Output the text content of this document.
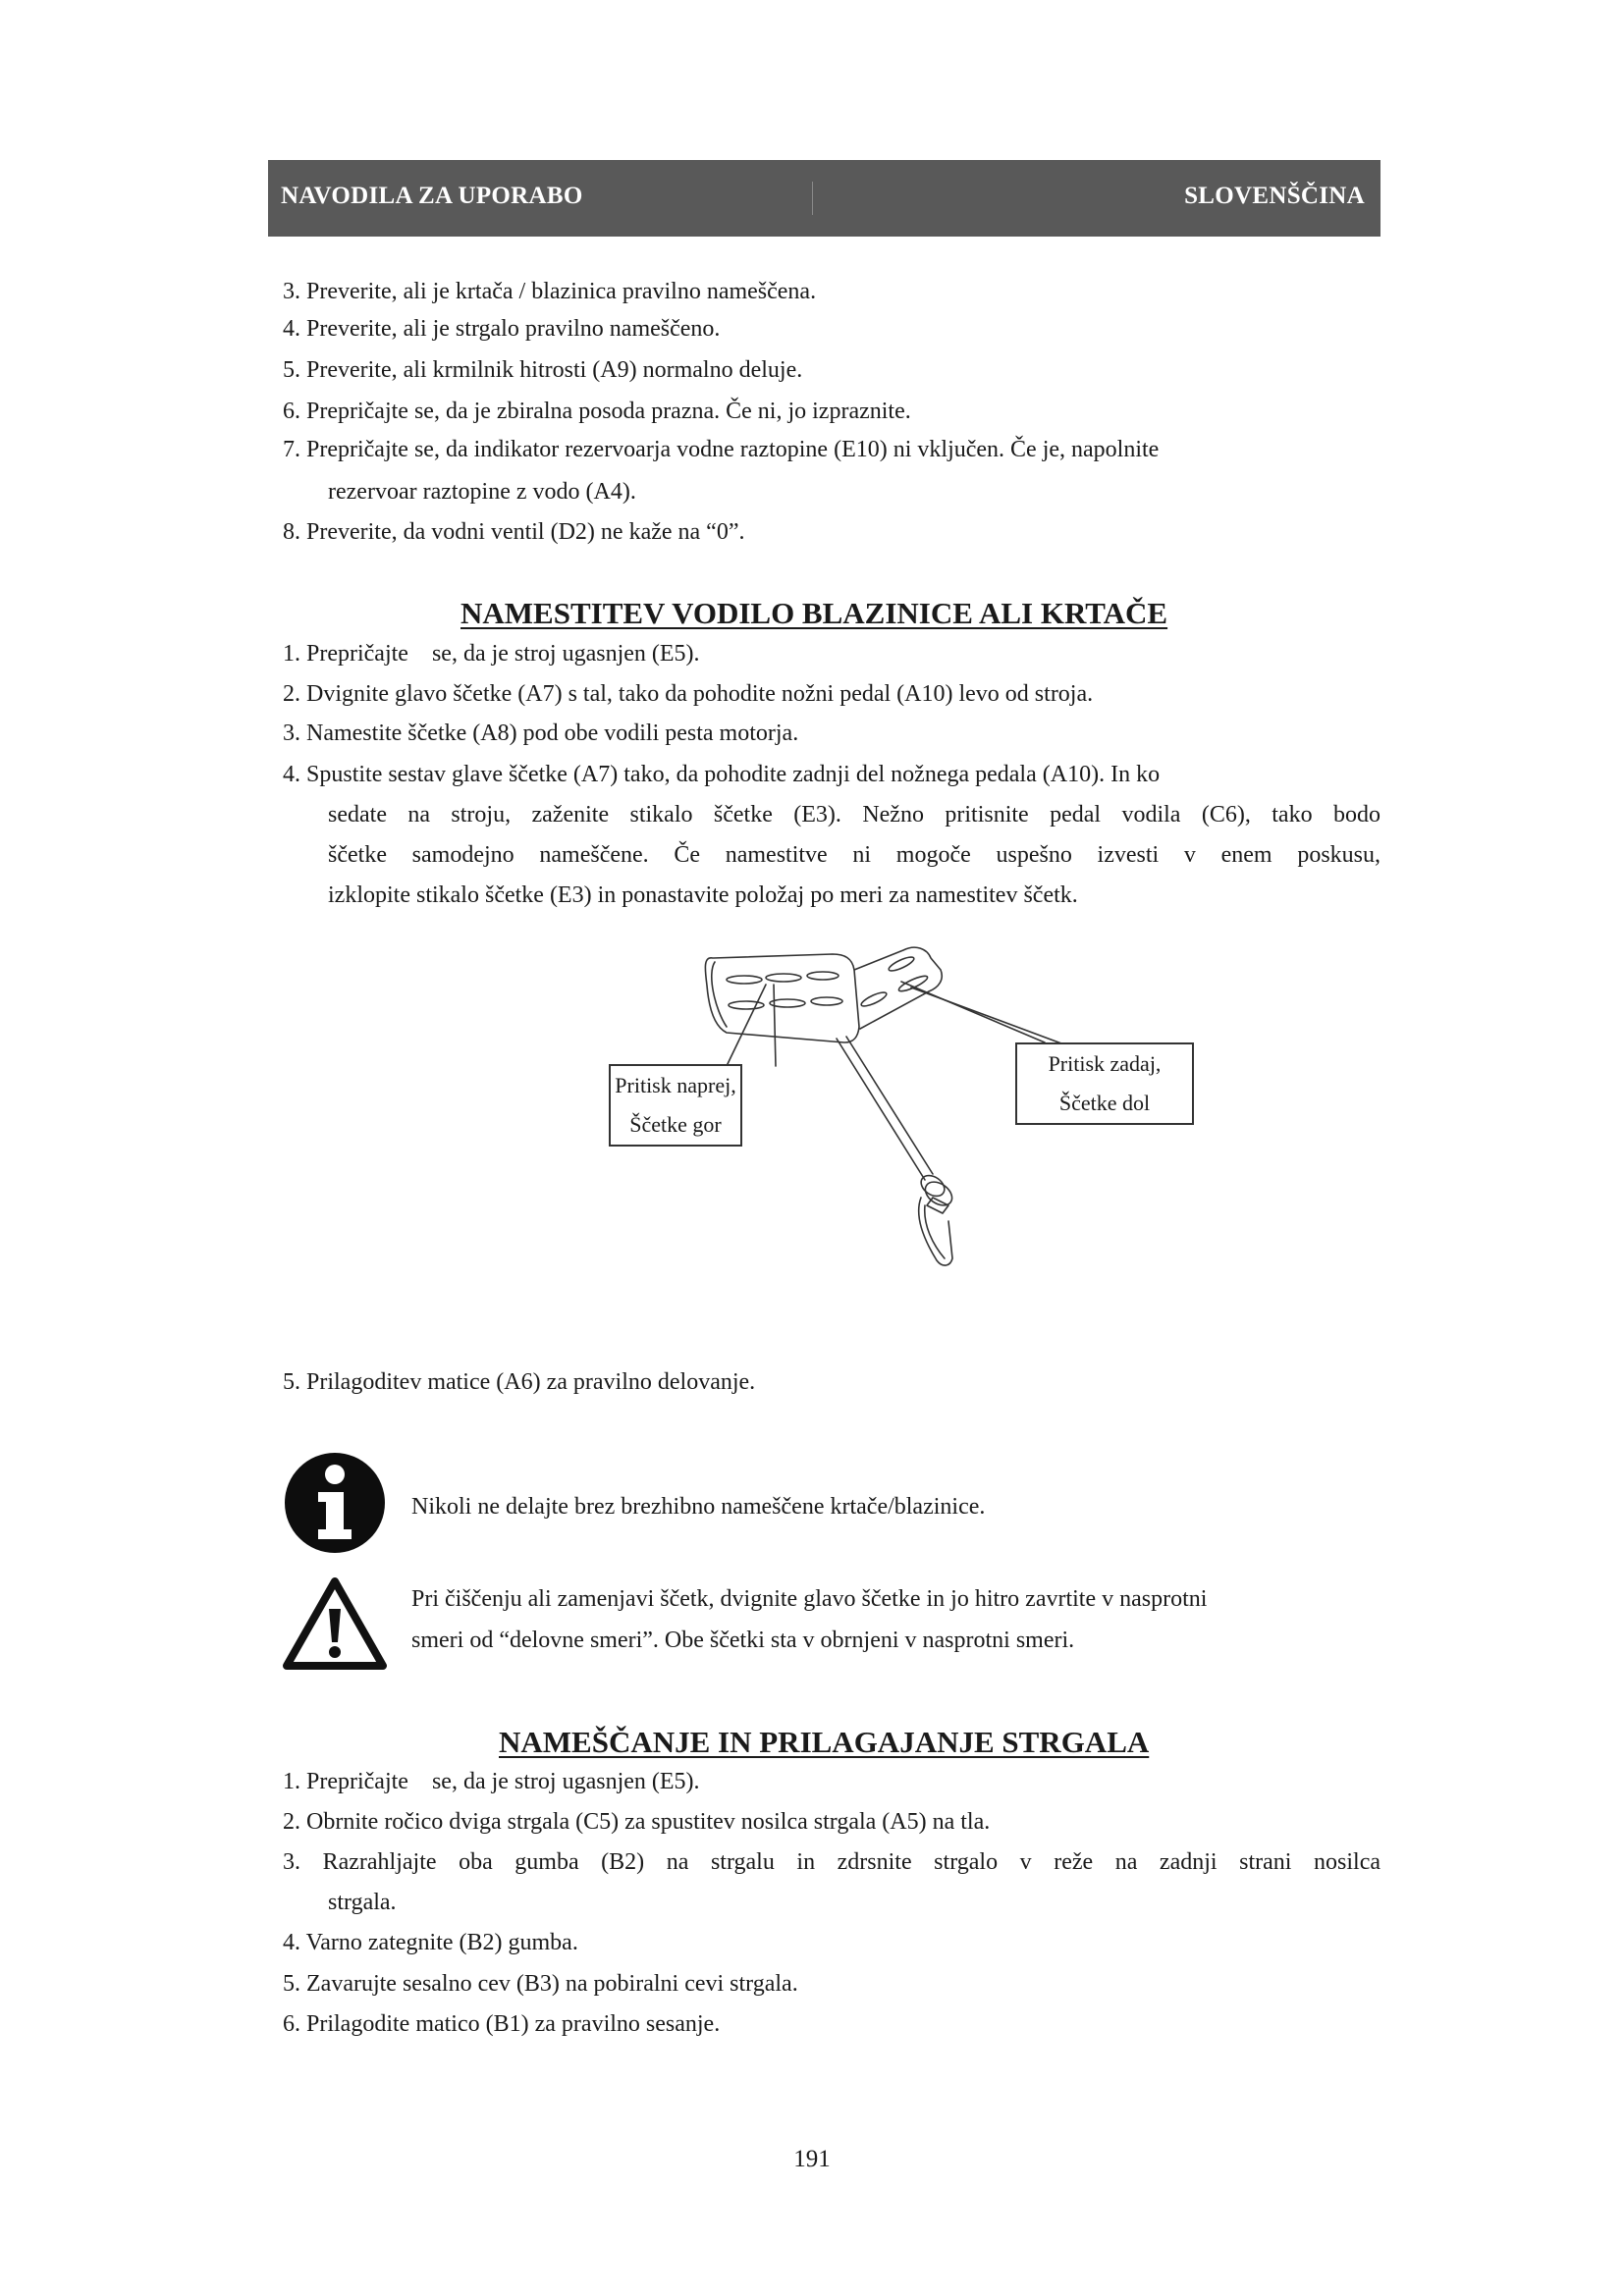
NAVODILA ZA UPORABO	SLOVENŠČINA
3. Preverite, ali je krtača / blazinica pravilno nameščena.
4. Preverite, ali je strgalo pravilno nameščeno.
5. Preverite, ali krmilnik hitrosti (A9) normalno deluje.
6. Prepričajte se, da je zbiralna posoda prazna. Če ni, jo izpraznite.
7. Prepričajte se, da indikator rezervoarja vodne raztopine (E10) ni vključen. Če je, napolnite
rezervoar raztopine z vodo (A4).
8. Preverite, da vodni ventil (D2) ne kaže na “0”.
NAMESTITEV VODILO BLAZINICE ALI KRTAČE
1. Prepričajte    se, da je stroj ugasnjen (E5).
2. Dvignite glavo ščetke (A7) s tal, tako da pohodite nožni pedal (A10) levo od stroja.
3. Namestite ščetke (A8) pod obe vodili pesta motorja.
4. Spustite sestav glave ščetke (A7) tako, da pohodite zadnji del nožnega pedala (A10). In ko
sedate na stroju, zaženite stikalo ščetke (E3). Nežno pritisnite pedal vodila (C6), tako bodo
ščetke samodejno nameščene. Če namestitve ni mogoče uspešno izvesti v enem poskusu,
izklopite stikalo ščetke (E3) in ponastavite položaj po meri za namestitev ščetk.
Pritisk naprej,
Ščetke gor
Pritisk zadaj,
Ščetke dol
5. Prilagoditev matice (A6) za pravilno delovanje.
Nikoli ne delajte brez brezhibno nameščene krtače/blazinice.
Pri čiščenju ali zamenjavi ščetk, dvignite glavo ščetke in jo hitro zavrtite v nasprotni
smeri od “delovne smeri”. Obe ščetki sta v obrnjeni v nasprotni smeri.
NAMEŠČANJE IN PRILAGAJANJE STRGALA
1. Prepričajte    se, da je stroj ugasnjen (E5).
2. Obrnite ročico dviga strgala (C5) za spustitev nosilca strgala (A5) na tla.
3. Razrahljajte oba gumba (B2) na strgalu in zdrsnite strgalo v reže na zadnji strani nosilca
strgala.
4. Varno zategnite (B2) gumba.
5. Zavarujte sesalno cev (B3) na pobiralni cevi strgala.
6. Prilagodite matico (B1) za pravilno sesanje.
191
